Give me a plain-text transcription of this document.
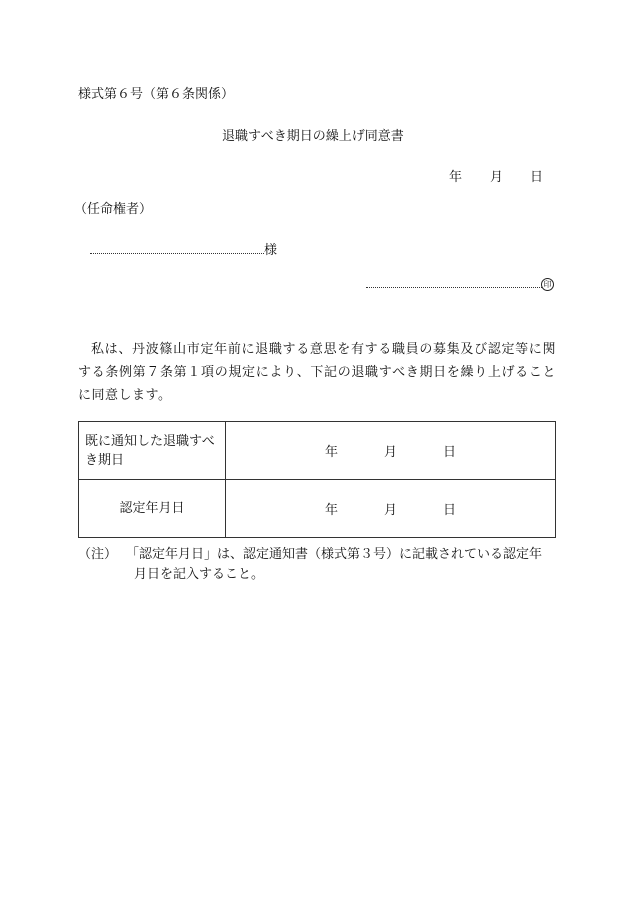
様式第６号（第６条関係）
退職すべき期日の繰上げ同意書
年 月 日
（任命権者）
様
印
私は、丹波篠山市定年前に退職する意思を有する職員の募集及び認定等に関する条例第７条第１項の規定により、下記の退職すべき期日を繰り上げることに同意します。
既に通知した退職すべき期日	年 月 日
認定年月日	年 月 日
（注） 「認定年月日」は、認定通知書（様式第３号）に記載されている認定年
月日を記入すること。
